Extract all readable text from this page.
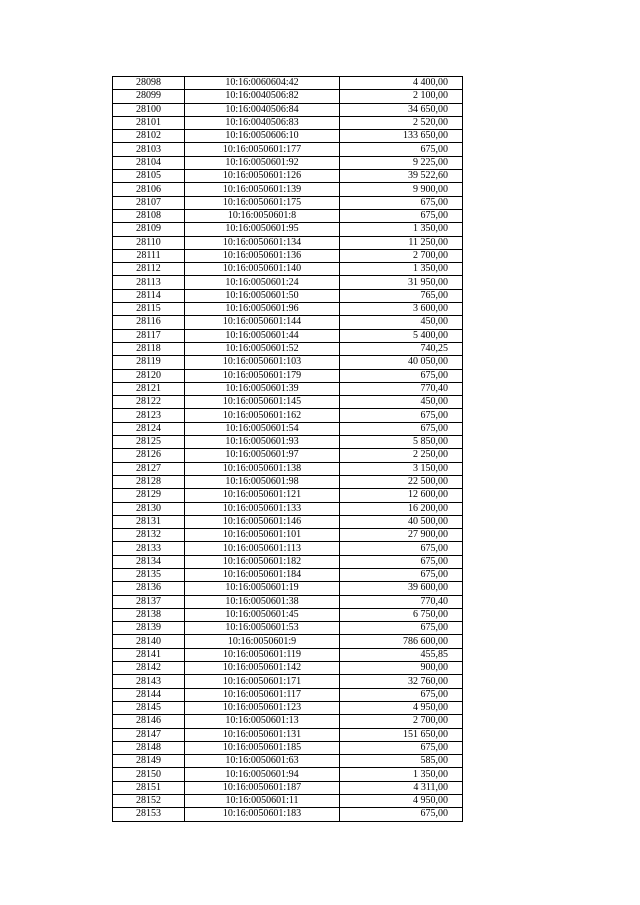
28098	10:16:0060604:42	4 400,00
28099	10:16:0040506:82	2 100,00
28100	10:16:0040506:84	34 650,00
28101	10:16:0040506:83	2 520,00
28102	10:16:0050606:10	133 650,00
28103	10:16:0050601:177	675,00
28104	10:16:0050601:92	9 225,00
28105	10:16:0050601:126	39 522,60
28106	10:16:0050601:139	9 900,00
28107	10:16:0050601:175	675,00
28108	10:16:0050601:8	675,00
28109	10:16:0050601:95	1 350,00
28110	10:16:0050601:134	11 250,00
28111	10:16:0050601:136	2 700,00
28112	10:16:0050601:140	1 350,00
28113	10:16:0050601:24	31 950,00
28114	10:16:0050601:50	765,00
28115	10:16:0050601:96	3 600,00
28116	10:16:0050601:144	450,00
28117	10:16:0050601:44	5 400,00
28118	10:16:0050601:52	740,25
28119	10:16:0050601:103	40 050,00
28120	10:16:0050601:179	675,00
28121	10:16:0050601:39	770,40
28122	10:16:0050601:145	450,00
28123	10:16:0050601:162	675,00
28124	10:16:0050601:54	675,00
28125	10:16:0050601:93	5 850,00
28126	10:16:0050601:97	2 250,00
28127	10:16:0050601:138	3 150,00
28128	10:16:0050601:98	22 500,00
28129	10:16:0050601:121	12 600,00
28130	10:16:0050601:133	16 200,00
28131	10:16:0050601:146	40 500,00
28132	10:16:0050601:101	27 900,00
28133	10:16:0050601:113	675,00
28134	10:16:0050601:182	675,00
28135	10:16:0050601:184	675,00
28136	10:16:0050601:19	39 600,00
28137	10:16:0050601:38	770,40
28138	10:16:0050601:45	6 750,00
28139	10:16:0050601:53	675,00
28140	10:16:0050601:9	786 600,00
28141	10:16:0050601:119	455,85
28142	10:16:0050601:142	900,00
28143	10:16:0050601:171	32 760,00
28144	10:16:0050601:117	675,00
28145	10:16:0050601:123	4 950,00
28146	10:16:0050601:13	2 700,00
28147	10:16:0050601:131	151 650,00
28148	10:16:0050601:185	675,00
28149	10:16:0050601:63	585,00
28150	10:16:0050601:94	1 350,00
28151	10:16:0050601:187	4 311,00
28152	10:16:0050601:11	4 950,00
28153	10:16:0050601:183	675,00
